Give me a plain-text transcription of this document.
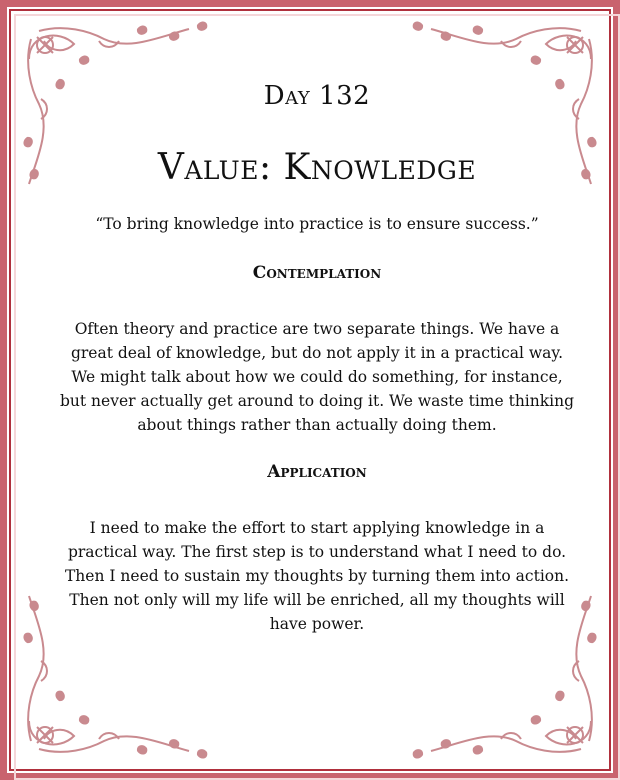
Day 132
Value: Knowledge
“To bring knowledge into practice is to ensure success.”
Contemplation

Often theory and practice are two separate things. We have a great deal of knowledge, but do not apply it in a practical way. We might talk about how we could do something, for instance, but never actually get around to doing it. We waste time thinking about things rather than actually doing them.

Application

I need to make the effort to start applying knowledge in a practical way. The first step is to understand what I need to do. Then I need to sustain my thoughts by turning them into action. Then not only will my life will be enriched, all my thoughts will have power.
